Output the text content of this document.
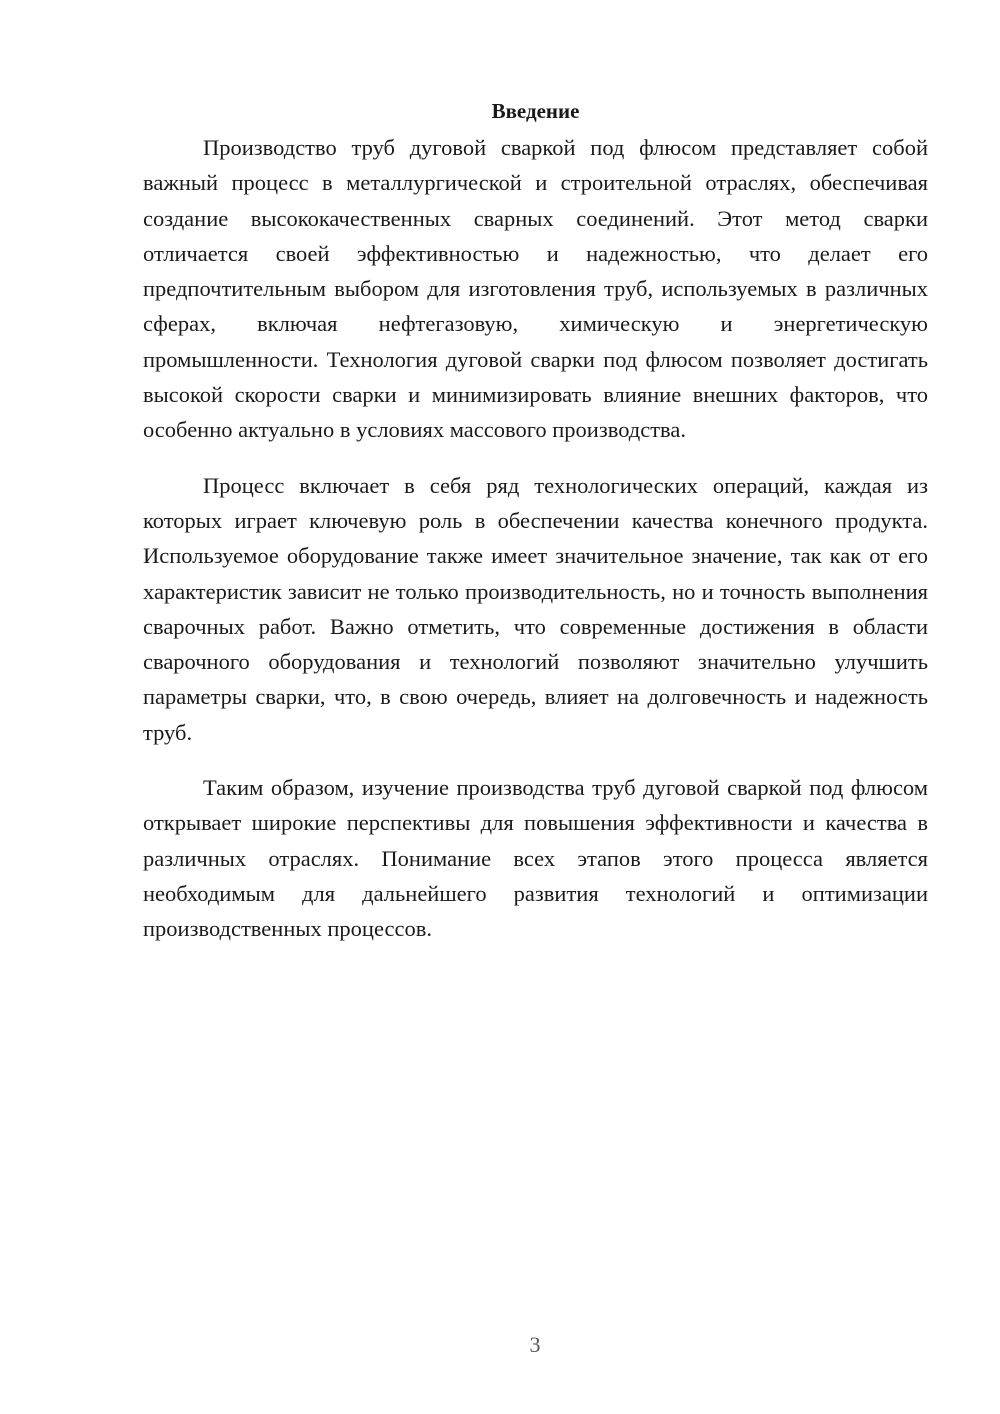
Введение

Производство труб дуговой сваркой под флюсом представляет собой важный процесс в металлургической и строительной отраслях, обеспечивая создание высококачественных сварных соединений. Этот метод сварки отличается своей эффективностью и надежностью, что делает его предпочтительным выбором для изготовления труб, используемых в различных сферах, включая нефтегазовую, химическую и энергетическую промышленности. Технология дуговой сварки под флюсом позволяет достигать высокой скорости сварки и минимизировать влияние внешних факторов, что особенно актуально в условиях массового производства.

Процесс включает в себя ряд технологических операций, каждая из которых играет ключевую роль в обеспечении качества конечного продукта. Используемое оборудование также имеет значительное значение, так как от его характеристик зависит не только производительность, но и точность выполнения сварочных работ. Важно отметить, что современные достижения в области сварочного оборудования и технологий позволяют значительно улучшить параметры сварки, что, в свою очередь, влияет на долговечность и надежность труб.

Таким образом, изучение производства труб дуговой сваркой под флюсом открывает широкие перспективы для повышения эффективности и качества в различных отраслях. Понимание всех этапов этого процесса является необходимым для дальнейшего развития технологий и оптимизации производственных процессов.

3
